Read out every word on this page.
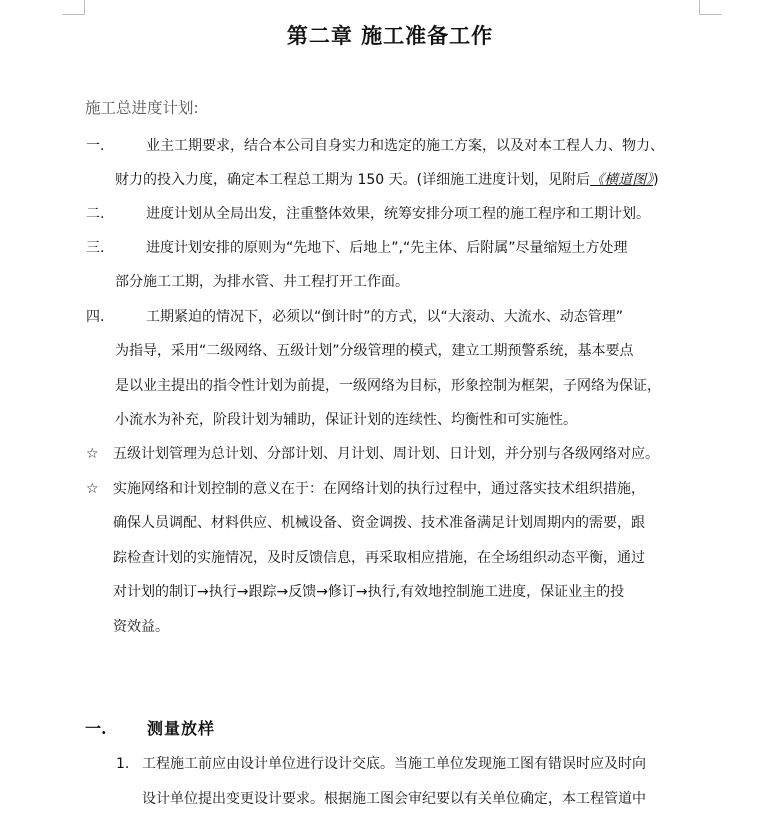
第二章 施工准备工作
施工总进度计划:
一.	业主工期要求，结合本公司自身实力和选定的施工方案，以及对本工程人力、物力、
财力的投入力度，确定本工程总工期为 150 天。(详细施工进度计划，见附后《横道图》)
二.	进度计划从全局出发，注重整体效果，统筹安排分项工程的施工程序和工期计划。
三.	进度计划安排的原则为“先地下、后地上”,“先主体、后附属”尽量缩短土方处理
部分施工工期，为排水管、井工程打开工作面。
四.	工期紧迫的情况下，必须以“倒计时”的方式，以“大滚动、大流水、动态管理”
为指导，采用“二级网络、五级计划”分级管理的模式，建立工期预警系统，基本要点
是以业主提出的指令性计划为前提，一级网络为目标，形象控制为框架，子网络为保证，
小流水为补充，阶段计划为辅助，保证计划的连续性、均衡性和可实施性。
☆ 五级计划管理为总计划、分部计划、月计划、周计划、日计划，并分别与各级网络对应。
☆ 实施网络和计划控制的意义在于：在网络计划的执行过程中，通过落实技术组织措施，
确保人员调配、材料供应、机械设备、资金调拨、技术准备满足计划周期内的需要，跟
踪检查计划的实施情况，及时反馈信息，再采取相应措施，在全场组织动态平衡，通过
对计划的制订→执行→跟踪→反馈→修订→执行,有效地控制施工进度，保证业主的投
资效益。
一.	测量放样
1. 工程施工前应由设计单位进行设计交底。当施工单位发现施工图有错误时应及时向
设计单位提出变更设计要求。根据施工图会审纪要以有关单位确定，本工程管道中
